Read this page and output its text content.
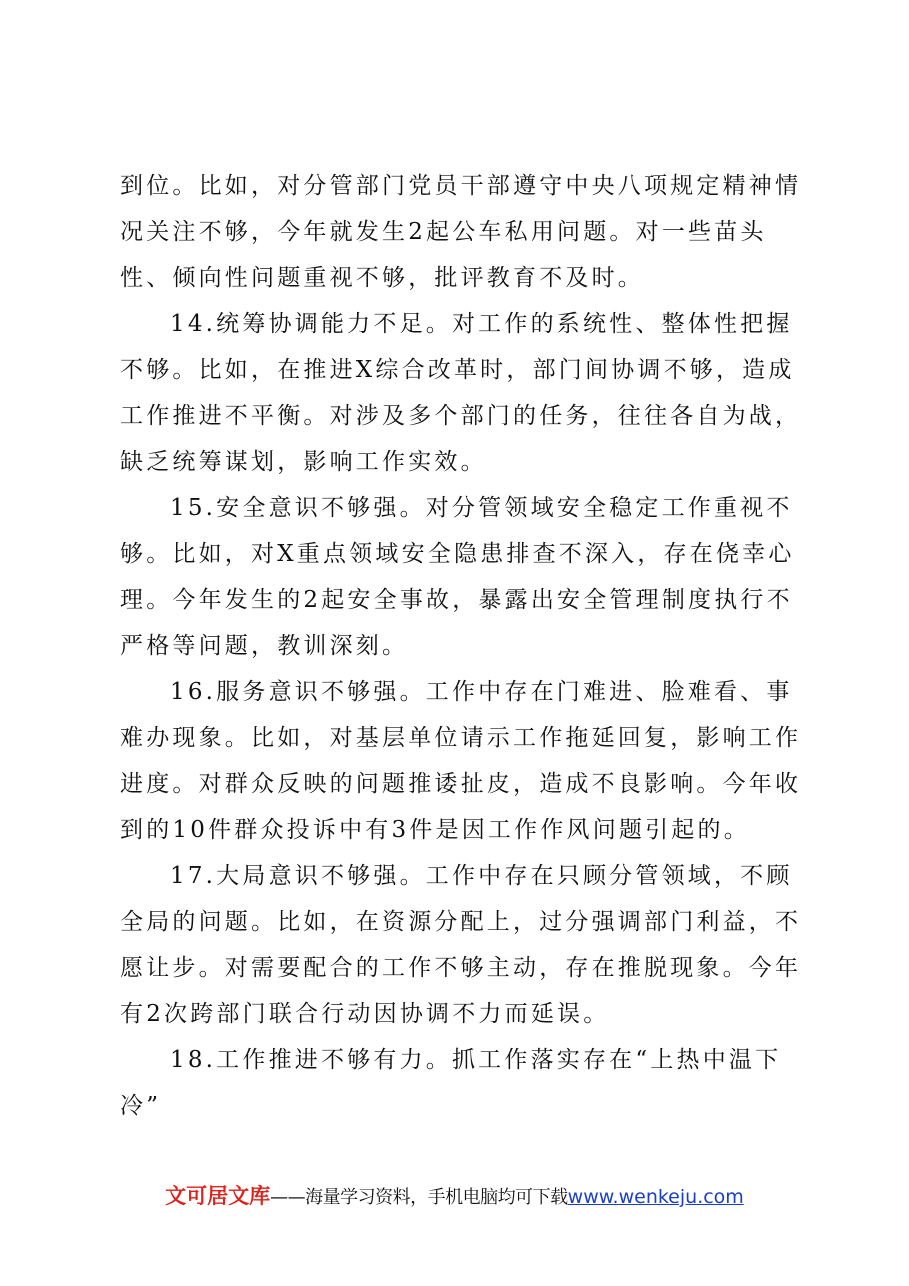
到位。比如，对分管部门党员干部遵守中央八项规定精神情况关注不够，今年就发生2起公车私用问题。对一些苗头性、倾向性问题重视不够，批评教育不及时。

14.统筹协调能力不足。对工作的系统性、整体性把握不够。比如，在推进X综合改革时，部门间协调不够，造成工作推进不平衡。对涉及多个部门的任务，往往各自为战，缺乏统筹谋划，影响工作实效。

15.安全意识不够强。对分管领域安全稳定工作重视不够。比如，对X重点领域安全隐患排查不深入，存在侥幸心理。今年发生的2起安全事故，暴露出安全管理制度执行不严格等问题，教训深刻。

16.服务意识不够强。工作中存在门难进、脸难看、事难办现象。比如，对基层单位请示工作拖延回复，影响工作进度。对群众反映的问题推诿扯皮，造成不良影响。今年收到的10件群众投诉中有3件是因工作作风问题引起的。

17.大局意识不够强。工作中存在只顾分管领域，不顾全局的问题。比如，在资源分配上，过分强调部门利益，不愿让步。对需要配合的工作不够主动，存在推脱现象。今年有2次跨部门联合行动因协调不力而延误。

18.工作推进不够有力。抓工作落实存在“上热中温下冷”

文可居文库 ——海量学习资料，手机电脑均可下载 www.wenkeju.com
